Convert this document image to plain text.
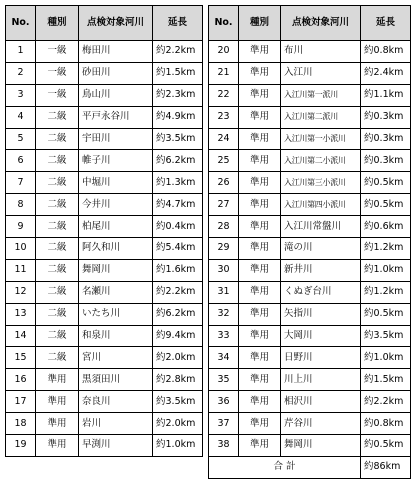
No.	種別	点検対象河川	延長
1	一級	梅田川	約2.2km
2	一級	砂田川	約1.5km
3	一級	鳥山川	約2.3km
4	二級	平戸永谷川	約4.9km
5	二級	宇田川	約3.5km
6	二級	帷子川	約6.2km
7	二級	中堀川	約1.3km
8	二級	今井川	約4.7km
9	二級	柏尾川	約0.4km
10	二級	阿久和川	約5.4km
11	二級	舞岡川	約1.6km
12	二級	名瀬川	約2.2km
13	二級	いたち川	約6.2km
14	二級	和泉川	約9.4km
15	二級	宮川	約2.0km
16	準用	黒須田川	約2.8km
17	準用	奈良川	約3.5km
18	準用	岩川	約2.0km
19	準用	早渕川	約1.0km
No.	種別	点検対象河川	延長
20	準用	布川	約0.8km
21	準用	入江川	約2.4km
22	準用	入江川第一派川	約1.1km
23	準用	入江川第二派川	約0.3km
24	準用	入江川第一小派川	約0.3km
25	準用	入江川第二小派川	約0.3km
26	準用	入江川第三小派川	約0.5km
27	準用	入江川第四小派川	約0.5km
28	準用	入江川常盤川	約0.6km
29	準用	滝の川	約1.2km
30	準用	新井川	約1.0km
31	準用	くぬぎ台川	約1.2km
32	準用	矢指川	約0.5km
33	準用	大岡川	約3.5km
34	準用	日野川	約1.0km
35	準用	川上川	約1.5km
36	準用	相沢川	約2.2km
37	準用	芹谷川	約0.8km
38	準用	舞岡川	約0.5km
合 計			約86km
